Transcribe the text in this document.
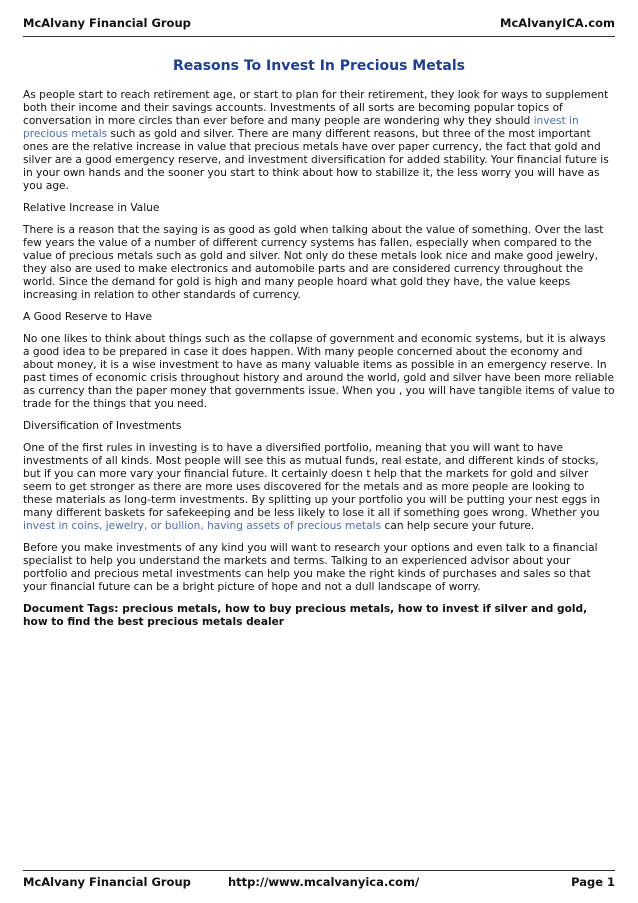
McAlvany Financial Group	McAlvanyICA.com
Reasons To Invest In Precious Metals

As people start to reach retirement age, or start to plan for their retirement, they look for ways to supplement both their income and their savings accounts. Investments of all sorts are becoming popular topics of conversation in more circles than ever before and many people are wondering why they should invest in precious metals such as gold and silver. There are many different reasons, but three of the most important ones are the relative increase in value that precious metals have over paper currency, the fact that gold and silver are a good emergency reserve, and investment diversification for added stability. Your financial future is in your own hands and the sooner you start to think about how to stabilize it, the less worry you will have as you age.

Relative Increase in Value

There is a reason that the saying is as good as gold when talking about the value of something. Over the last few years the value of a number of different currency systems has fallen, especially when compared to the value of precious metals such as gold and silver. Not only do these metals look nice and make good jewelry, they also are used to make electronics and automobile parts and are considered currency throughout the world. Since the demand for gold is high and many people hoard what gold they have, the value keeps increasing in relation to other standards of currency.

A Good Reserve to Have

No one likes to think about things such as the collapse of government and economic systems, but it is always a good idea to be prepared in case it does happen. With many people concerned about the economy and about money, it is a wise investment to have as many valuable items as possible in an emergency reserve. In past times of economic crisis throughout history and around the world, gold and silver have been more reliable as currency than the paper money that governments issue. When you , you will have tangible items of value to trade for the things that you need.

Diversification of Investments

One of the first rules in investing is to have a diversified portfolio, meaning that you will want to have investments of all kinds. Most people will see this as mutual funds, real estate, and different kinds of stocks, but if you can more vary your financial future. It certainly doesn t help that the markets for gold and silver seem to get stronger as there are more uses discovered for the metals and as more people are looking to these materials as long-term investments. By splitting up your portfolio you will be putting your nest eggs in many different baskets for safekeeping and be less likely to lose it all if something goes wrong. Whether you invest in coins, jewelry, or bullion, having assets of precious metals can help secure your future.

Before you make investments of any kind you will want to research your options and even talk to a financial specialist to help you understand the markets and terms. Talking to an experienced advisor about your portfolio and precious metal investments can help you make the right kinds of purchases and sales so that your financial future can be a bright picture of hope and not a dull landscape of worry.

Document Tags: precious metals, how to buy precious metals, how to invest if silver and gold, how to find the best precious metals dealer

McAlvany Financial Group	http://www.mcalvanyica.com/	Page 1
